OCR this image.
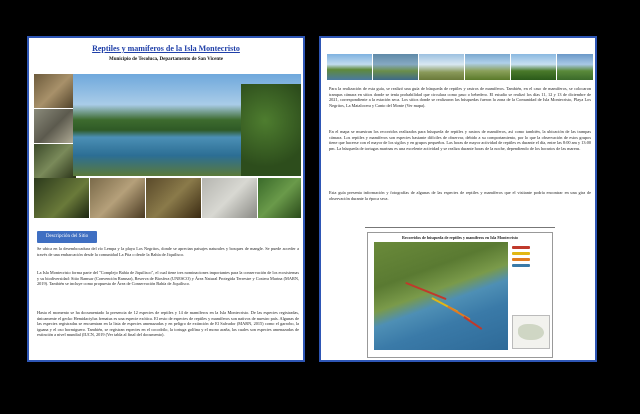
Reptiles y mamíferos de la Isla Montecristo
Municipio de Tecoluca, Departamento de San Vicente
Descripción del Sitio

Se ubica en la desembocadura del río Lempa y la playa Los Negritos, donde se aprecian paisajes naturales y bosques de mangle. Se puede acceder a través de una embarcación desde la comunidad La Pita o desde la Bahía de Jiquilisco.

La Isla Montecristo forma parte del "Complejo Bahía de Jiquilisco", el cual tiene tres nominaciones importantes para la conservación de los ecosistemas y su biodiversidad: Sitio Ramsar (Convención Ramsar), Reserva de Biosfera (UNESCO) y Área Natural Protegida Terrestre y Costera Marina (MARN, 2019). También se incluye como propuesta de Área de Conservación Bahía de Jiquilisco.

Hasta el momento se ha documentado la presencia de 12 especies de reptiles y 14 de mamíferos en la Isla Montecristo. De las especies registradas, únicamente el gecko Hemidactylus frenatus es una especie exótica. El resto de especies de reptiles y mamíferos son nativos de nuestro país. Algunas de las especies registradas se encuentran en la lista de especies amenazadas y en peligro de extinción de El Salvador (MARN, 2015) como el garrobo, la iguana y el oso hormiguero. También, se registran especies en el cocodrilo, la tortuga golfina y el mono araña, las cuales son especies amenazadas de extinción a nivel mundial (IUCN, 2019 (Ver tabla al final del documento).

Para la realización de esta guía, se realizó una guía de búsqueda de reptiles y rastros de mamíferos. También, en el caso de mamíferos, se colocaron trampas cámara en sitios donde se tenía probabilidad que circulara como paso o bebedero. El estudio se realizó los días 11, 12 y 13 de diciembre de 2021, correspondiente a la estación seca. Los sitios donde se realizaron las búsquedas fueron la zona de la Comunidad de Isla Montecristo, Playa Los Negritos, La Matalocera y Canto del Monte (Ver mapa).

En el mapa se muestran los recorridos realizados para búsqueda de reptiles y rastros de mamíferos, así como también, la ubicación de las trampas cámara. Los reptiles y mamíferos son especies bastante difíciles de observar, debido a su comportamiento, por lo que la observación de estos grupos tiene que hacerse con el mayor de los sigilos y en grupos pequeños. Las horas de mayor actividad de reptiles es durante el día, entre las 8:00 am y 13:00 pm. La búsqueda de tortugas marinas es una excelente actividad y se realiza durante horas de la noche, dependiendo de los horarios de las mareas.

Esta guía presenta información y fotografías de algunas de las especies de reptiles y mamíferos que el visitante podría encontrar en una gira de observación durante la época seca.

Recorridos de búsqueda de reptiles y mamíferos en Isla Montecristo
